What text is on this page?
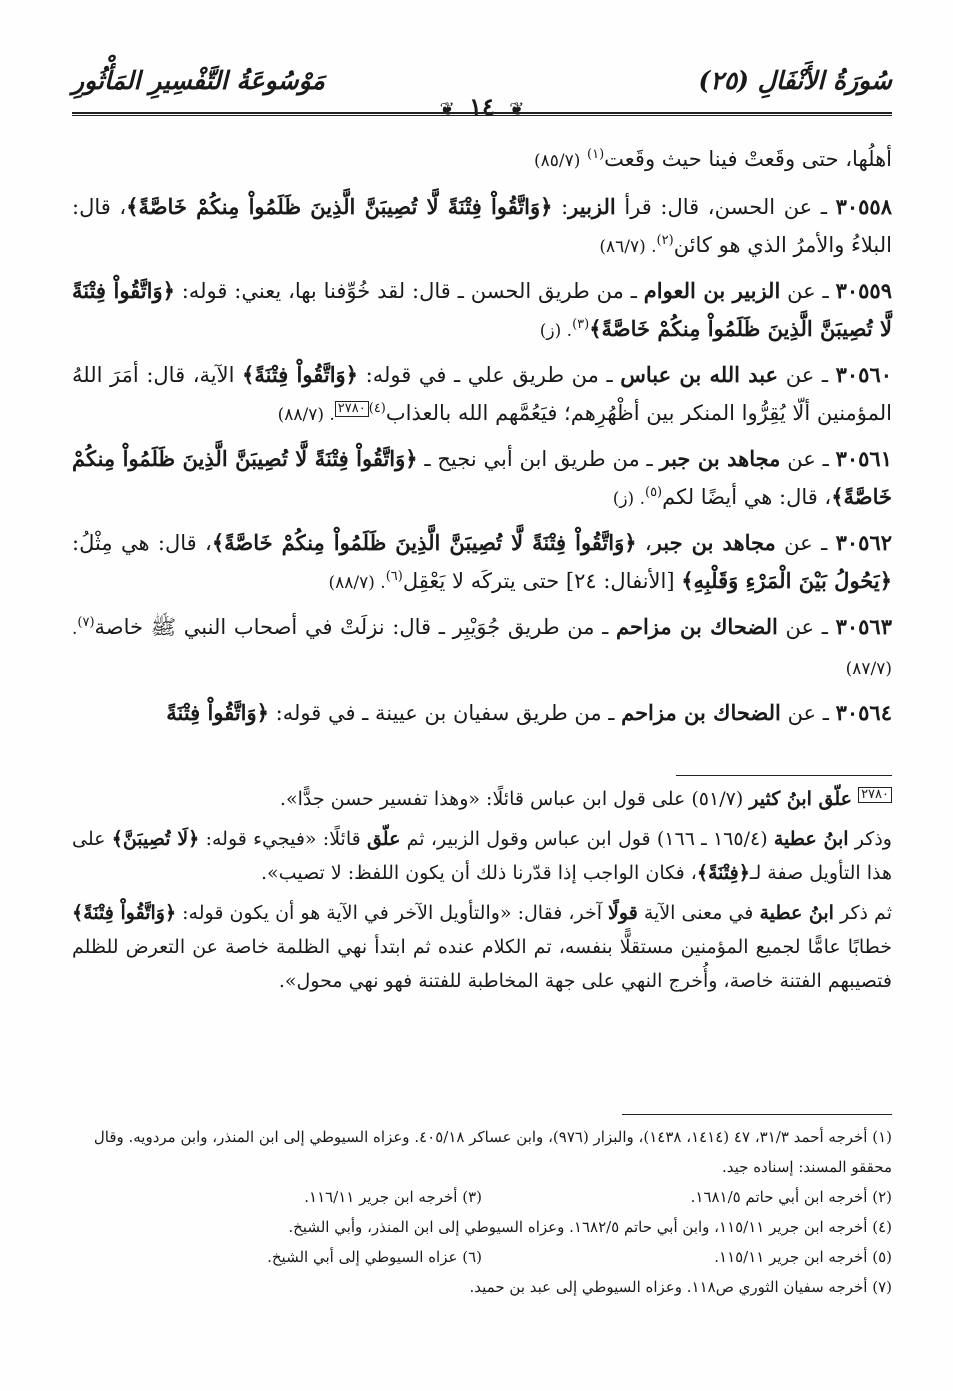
سُورَةُ الأَنْفَالِ (٢٥)
❦ ١٤ ❦
مَوْسُوعَةُ التَّفْسِيرِ المَأْثُورِ

أهلُها، حتى وقَعتْ فينا حيث وقَعت$^{(١)}$ (٨٥/٧)

٣٠٥٥٨ ـ عن الحسن، قال: قرأ الزبير: ﴿وَاتَّقُواْ فِتْنَةً لَّا تُصِيبَنَّ الَّذِينَ ظَلَمُواْ مِنكُمْ خَاصَّةً﴾، قال: البلاءُ والأمرُ الذي هو كائن$^{(٢)}$. (٨٦/٧)

٣٠٥٥٩ ـ عن الزبير بن العوام ـ من طريق الحسن ـ قال: لقد خُوِّفنا بها، يعني: قوله: ﴿وَاتَّقُواْ فِتْنَةً لَّا تُصِيبَنَّ الَّذِينَ ظَلَمُواْ مِنكُمْ خَاصَّةً﴾$^{(٣)}$. (ز)

٣٠٥٦٠ ـ عن عبد الله بن عباس ـ من طريق علي ـ في قوله: ﴿وَاتَّقُواْ فِتْنَةً﴾ الآية، قال: أمَرَ اللهُ المؤمنين ألّا يُقِرُّوا المنكر بين أظْهُرِهم؛ فيَعُمَّهم الله بالعذاب$^{(٤)}$٢٧٨٠. (٨٨/٧)

٣٠٥٦١ ـ عن مجاهد بن جبر ـ من طريق ابن أبي نجيح ـ ﴿وَاتَّقُواْ فِتْنَةً لَّا تُصِيبَنَّ الَّذِينَ ظَلَمُواْ مِنكُمْ خَاصَّةً﴾، قال: هي أيضًا لكم$^{(٥)}$. (ز)

٣٠٥٦٢ ـ عن مجاهد بن جبر، ﴿وَاتَّقُواْ فِتْنَةً لَّا تُصِيبَنَّ الَّذِينَ ظَلَمُواْ مِنكُمْ خَاصَّةً﴾، قال: هي مِثْلُ: ﴿يَحُولُ بَيْنَ الْمَرْءِ وَقَلْبِهِ﴾ [الأنفال: ٢٤] حتى يتركَه لا يَعْقِل$^{(٦)}$. (٨٨/٧)

٣٠٥٦٣ ـ عن الضحاك بن مزاحم ـ من طريق جُوَيْبِر ـ قال: نزلَتْ في أصحاب النبي ﷺ خاصة$^{(٧)}$. (٨٧/٧)

٣٠٥٦٤ ـ عن الضحاك بن مزاحم ـ من طريق سفيان بن عيينة ـ في قوله: ﴿وَاتَّقُواْ فِتْنَةً

٢٧٨٠ علّق ابنُ كثير (٥١/٧) على قول ابن عباس قائلًا: «وهذا تفسير حسن جدًّا».

وذكر ابنُ عطية (١٦٥/٤ ـ ١٦٦) قول ابن عباس وقول الزبير، ثم علّق قائلًا: «فيجيء قوله: ﴿لَا تُصِيبَنَّ﴾ على هذا التأويل صفة لـ﴿فِتْنَةً﴾، فكان الواجب إذا قدّرنا ذلك أن يكون اللفظ: لا تصيب».

ثم ذكر ابنُ عطية في معنى الآية قولًا آخر، فقال: «والتأويل الآخر في الآية هو أن يكون قوله: ﴿وَاتَّقُواْ فِتْنَةً﴾ خطابًا عامًّا لجميع المؤمنين مستقلًّا بنفسه، تم الكلام عنده ثم ابتدأ نهي الظلمة خاصة عن التعرض للظلم فتصيبهم الفتنة خاصة، وأُخرج النهي على جهة المخاطبة للفتنة فهو نهي محول».

(١) أخرجه أحمد ٣١/٣، ٤٧ (١٤١٤، ١٤٣٨)، والبزار (٩٧٦)، وابن عساكر ٤٠٥/١٨. وعزاه السيوطي إلى ابن المنذر، وابن مردويه. وقال محققو المسند: إسناده جيد.

(٢) أخرجه ابن أبي حاتم ١٦٨١/٥.

(٣) أخرجه ابن جرير ١١٦/١١.

(٤) أخرجه ابن جرير ١١٥/١١، وابن أبي حاتم ١٦٨٢/٥. وعزاه السيوطي إلى ابن المنذر، وأبي الشيخ.

(٥) أخرجه ابن جرير ١١٥/١١.

(٦) عزاه السيوطي إلى أبي الشيخ.

(٧) أخرجه سفيان الثوري ص١١٨. وعزاه السيوطي إلى عبد بن حميد.
